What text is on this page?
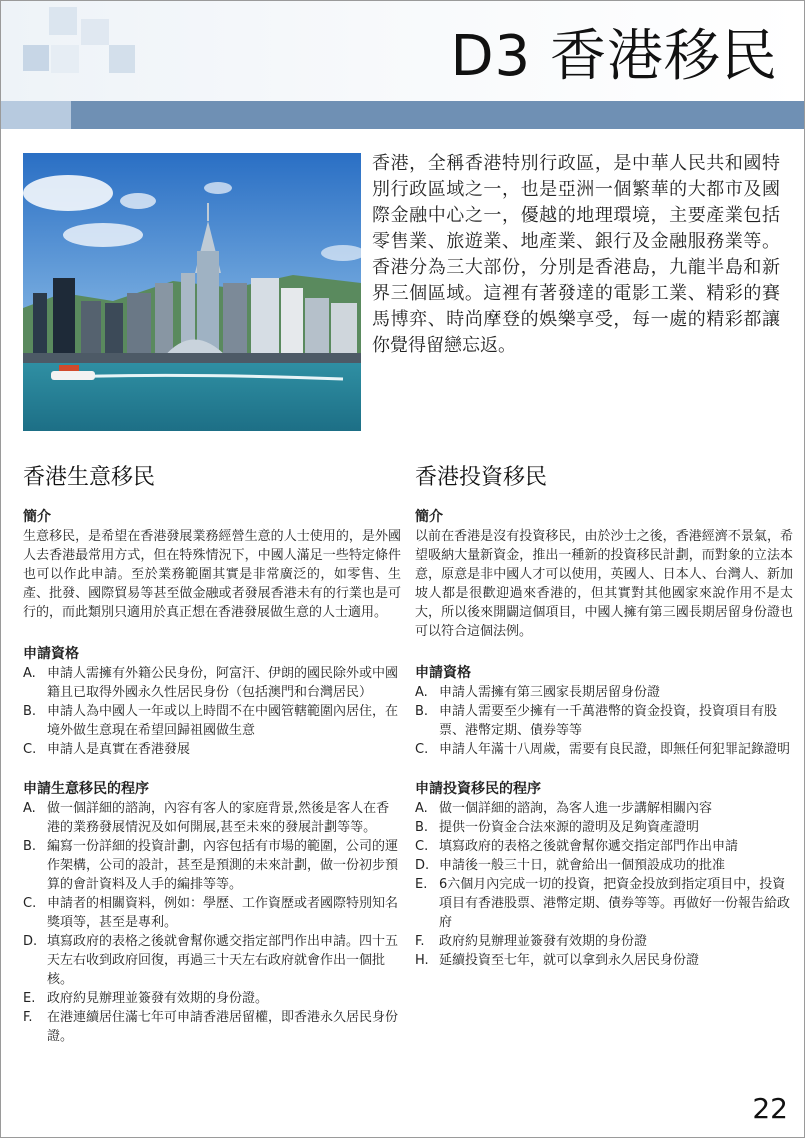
D3 香港移民

香港，全稱香港特別行政區，是中華人民共和國特別行政區域之一，也是亞洲一個繁華的大都市及國際金融中心之一，優越的地理環境，主要產業包括零售業、旅遊業、地產業、銀行及金融服務業等。 香港分為三大部份，分別是香港島，九龍半島和新界三個區域。這裡有著發達的電影工業、精彩的賽馬博弈、時尚摩登的娛樂享受，每一處的精彩都讓你覺得留戀忘返。

香港生意移民

簡介

生意移民，是希望在香港發展業務經營生意的人士使用的，是外國人去香港最常用方式，但在特殊情況下，中國人滿足一些特定條件也可以作此申請。至於業務範圍其實是非常廣泛的，如零售、生產、批發、國際貿易等甚至做金融或者發展香港未有的行業也是可行的，而此類別只適用於真正想在香港發展做生意的人士適用。

申請資格

A. 申請人需擁有外籍公民身份，阿富汗、伊朗的國民除外或中國籍且已取得外國永久性居民身份（包括澳門和台灣居民）
B. 申請人為中國人一年或以上時間不在中國管轄範圍內居住，在境外做生意現在希望回歸祖國做生意
C. 申請人是真實在香港發展

申請生意移民的程序

A. 做一個詳細的諮詢，內容有客人的家庭背景,然後是客人在香港的業務發展情況及如何開展,甚至未來的發展計劃等等。
B. 編寫一份詳細的投資計劃，內容包括有市場的範圍，公司的運作架構，公司的設計，甚至是預測的未來計劃，做一份初步預算的會計資料及人手的編排等等。
C. 申請者的相關資料，例如：學歷、工作資歷或者國際特別知名獎項等，甚至是專利。
D. 填寫政府的表格之後就會幫你遞交指定部門作出申請。四十五天左右收到政府回復，再過三十天左右政府就會作出一個批核。
E. 政府約見辦理並簽發有效期的身份證。
F. 在港連續居住滿七年可申請香港居留權，即香港永久居民身份證。
香港投資移民

簡介

以前在香港是沒有投資移民，由於沙士之後，香港經濟不景氣，希望吸納大量新資金，推出一種新的投資移民計劃，而對象的立法本意，原意是非中國人才可以使用，英國人、日本人、台灣人、新加坡人都是很歡迎過來香港的，但其實對其他國家來說作用不是太大，所以後來開闢這個項目，中國人擁有第三國長期居留身份證也可以符合這個法例。

申請資格

A. 申請人需擁有第三國家長期居留身份證
B. 申請人需要至少擁有一千萬港幣的資金投資，投資項目有股票、港幣定期、債券等等
C. 申請人年滿十八周歲，需要有良民證，即無任何犯罪記錄證明

申請投資移民的程序

A. 做一個詳細的諮詢，為客人進一步講解相關內容
B. 提供一份資金合法來源的證明及足夠資產證明
C. 填寫政府的表格之後就會幫你遞交指定部門作出申請
D. 申請後一般三十日，就會給出一個預設成功的批准
E. 6六個月內完成一切的投資，把資金投放到指定項目中，投資項目有香港股票、港幣定期、債券等等。再做好一份報告給政府
F. 政府約見辦理並簽發有效期的身份證
H. 延續投資至七年，就可以拿到永久居民身份證
22
